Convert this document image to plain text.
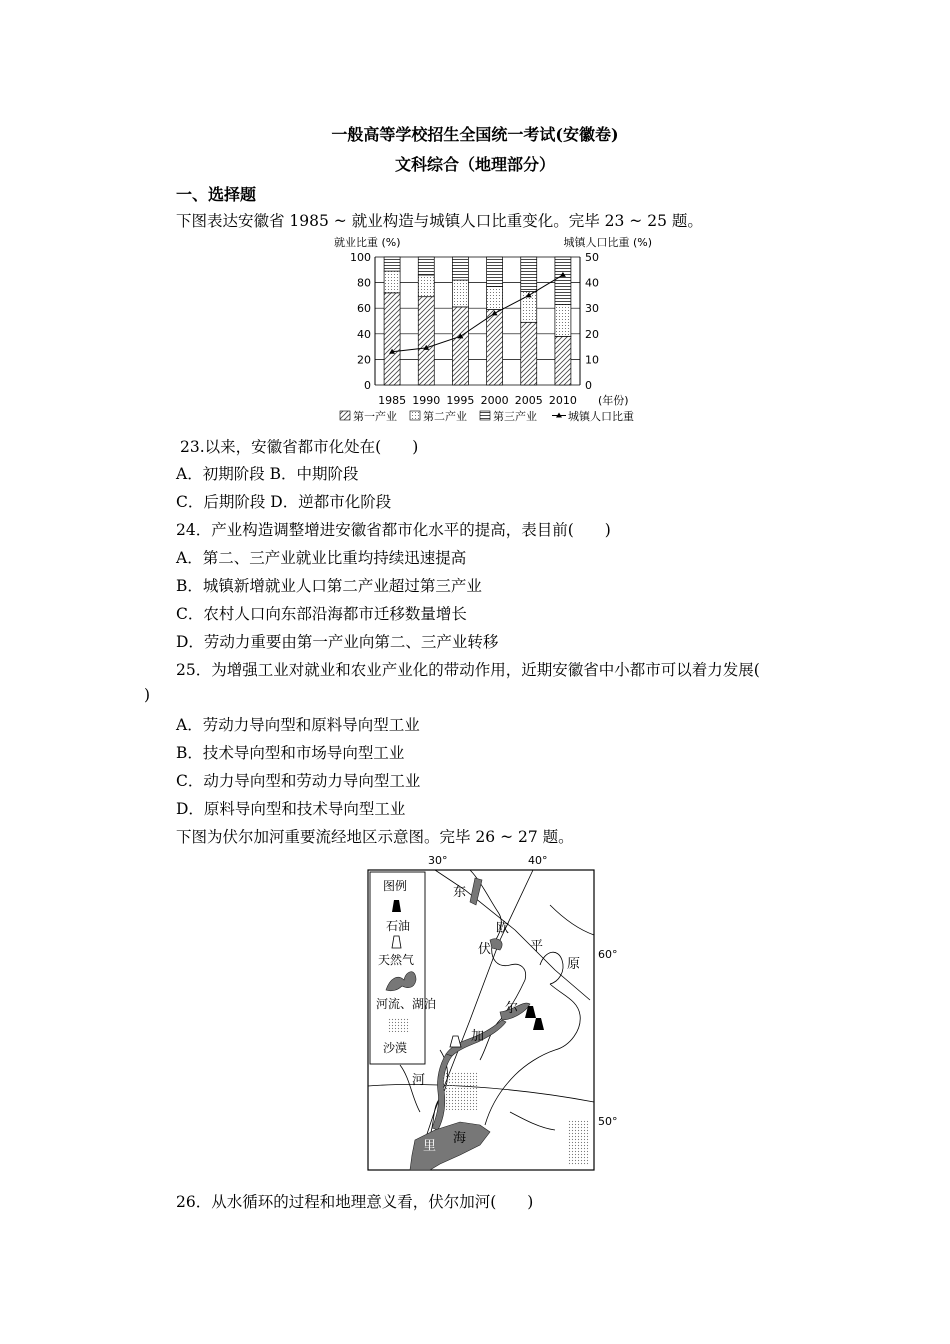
一般高等学校招生全国统一考试(安徽卷)
文科综合（地理部分）
一、选择题
下图表达安徽省 1985 ~ 就业构造与城镇人口比重变化。完毕 23 ~ 25 题。
就业比重 (%)	城镇人口比重 (%)
0
20
40
60
80
100
0
10
20
30
40
50
1985 1990 1995 2000 2005 2010 (年份)
第一产业 第二产业 第三产业	城镇人口比重
23.以来，安徽省都市化处在(　　)
A．初期阶段 B．中期阶段
C．后期阶段 D．逆都市化阶段
24．产业构造调整增进安徽省都市化水平的提高，表目前(　　)
A．第二、三产业就业比重均持续迅速提高
B．城镇新增就业人口第二产业超过第三产业
C．农村人口向东部沿海都市迁移数量增长
D．劳动力重要由第一产业向第二、三产业转移
25．为增强工业对就业和农业产业化的带动作用，近期安徽省中小都市可以着力发展(
)
A．劳动力导向型和原料导向型工业
B．技术导向型和市场导向型工业
C．动力导向型和劳动力导向型工业
D．原料导向型和技术导向型工业
下图为伏尔加河重要流经地区示意图。完毕 26 ~ 27 题。
30°	40°
60°
50°
东
欧
平
原
伏
尔
加
河
里
海
图例
石油
天然气
河流、湖泊
沙漠
26．从水循环的过程和地理意义看，伏尔加河(　　)
